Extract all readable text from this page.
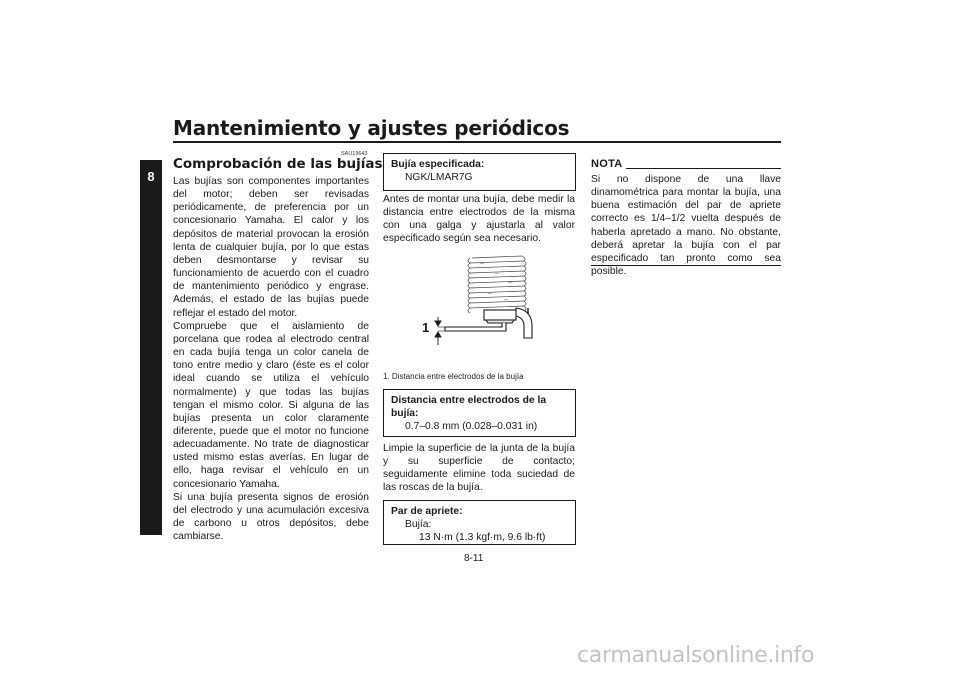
Mantenimiento y ajustes periódicos
8
SAU19643
Comprobación de las bujías
Las bujías son componentes importantes del motor; deben ser revisadas periódicamente, de preferencia por un concesionario Yamaha. El calor y los depósitos de material provocan la erosión lenta de cualquier bujía, por lo que estas deben desmontarse y revisar su funcionamiento de acuerdo con el cuadro de mantenimiento periódico y engrase. Además, el estado de las bujías puede reflejar el estado del motor.
Compruebe que el aislamiento de porcelana que rodea al electrodo central en cada bujía tenga un color canela de tono entre medio y claro (éste es el color ideal cuando se utiliza el vehículo normalmente) y que todas las bujías tengan el mismo color. Si alguna de las bujías presenta un color claramente diferente, puede que el motor no funcione adecuadamente. No trate de diagnosticar usted mismo estas averías. En lugar de ello, haga revisar el vehículo en un concesionario Yamaha.
Si una bujía presenta signos de erosión del electrodo y una acumulación excesiva de carbono u otros depósitos, debe cambiarse.
Bujía especificada:
NGK/LMAR7G
Antes de montar una bujía, debe medir la distancia entre electrodos de la misma con una galga y ajustarla al valor especificado según sea necesario.
1
1. Distancia entre electrodos de la bujía
Distancia entre electrodos de la bujía:
0.7–0.8 mm (0.028–0.031 in)
Limpie la superficie de la junta de la bujía y su superficie de contacto; seguidamente elimine toda suciedad de las roscas de la bujía.
Par de apriete:
Bujía:
13 N·m (1.3 kgf·m, 9.6 lb·ft)
NOTA
Si no dispone de una llave dinamométrica para montar la bujía, una buena estimación del par de apriete correcto es 1/4–1/2 vuelta después de haberla apretado a mano. No obstante, deberá apretar la bujía con el par especificado tan pronto como sea posible.
8-11
carmanualsonline.info
